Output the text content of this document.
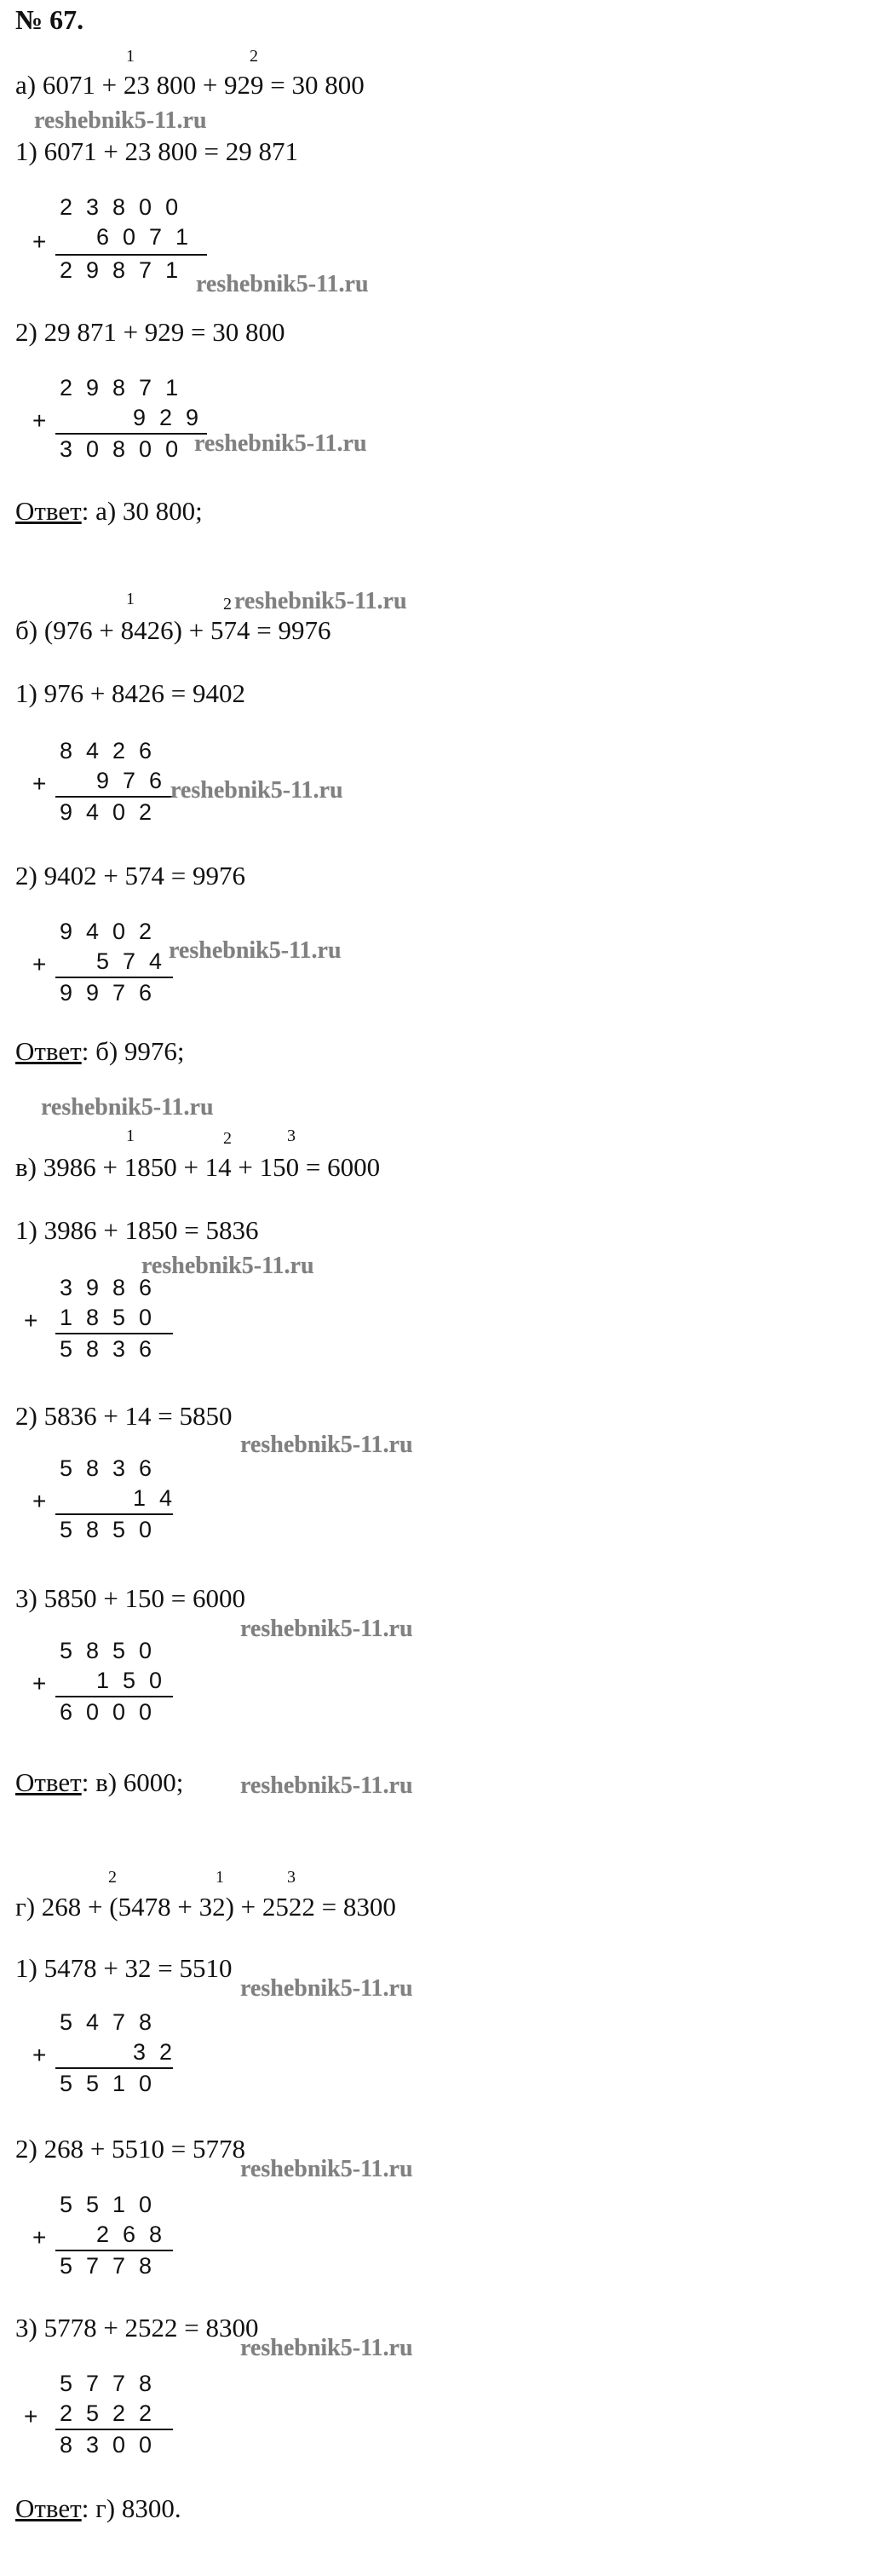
№ 67.
1	2
а) 6071 + 23 800 + 929 = 30 800
reshebnik5-11.ru
1) 6071 + 23 800 = 29 871
23800
+ 6071
29871
reshebnik5-11.ru
2) 29 871 + 929 = 30 800
29871
+	929
30800 reshebnik5-11.ru
Ответ: а) 30 800;
1	2 reshebnik5-11.ru
б) (976 + 8426) + 574 = 9976
1) 976 + 8426 = 9402
8426
+ 976
9402
reshebnik5-11.ru
2) 9402 + 574 = 9976
9402
+ 574
9976
reshebnik5-11.ru
Ответ: б) 9976;
reshebnik5-11.ru
1	2	3
в) 3986 + 1850 + 14 + 150 = 6000
1) 3986 + 1850 = 5836
reshebnik5-11.ru
3986
+ 1850
5836
2) 5836 + 14 = 5850
reshebnik5-11.ru
5836
+	14
5850
3) 5850 + 150 = 6000
reshebnik5-11.ru
5850
+ 150
6000
Ответ: в) 6000; reshebnik5-11.ru
2	1	3
г) 268 + (5478 + 32) + 2522 = 8300
1) 5478 + 32 = 5510
reshebnik5-11.ru
5478
+	32
5510
2) 268 + 5510 = 5778
reshebnik5-11.ru
5510
+ 268
5778
3) 5778 + 2522 = 8300
reshebnik5-11.ru
5778
+ 2522
8300
Ответ: г) 8300.
